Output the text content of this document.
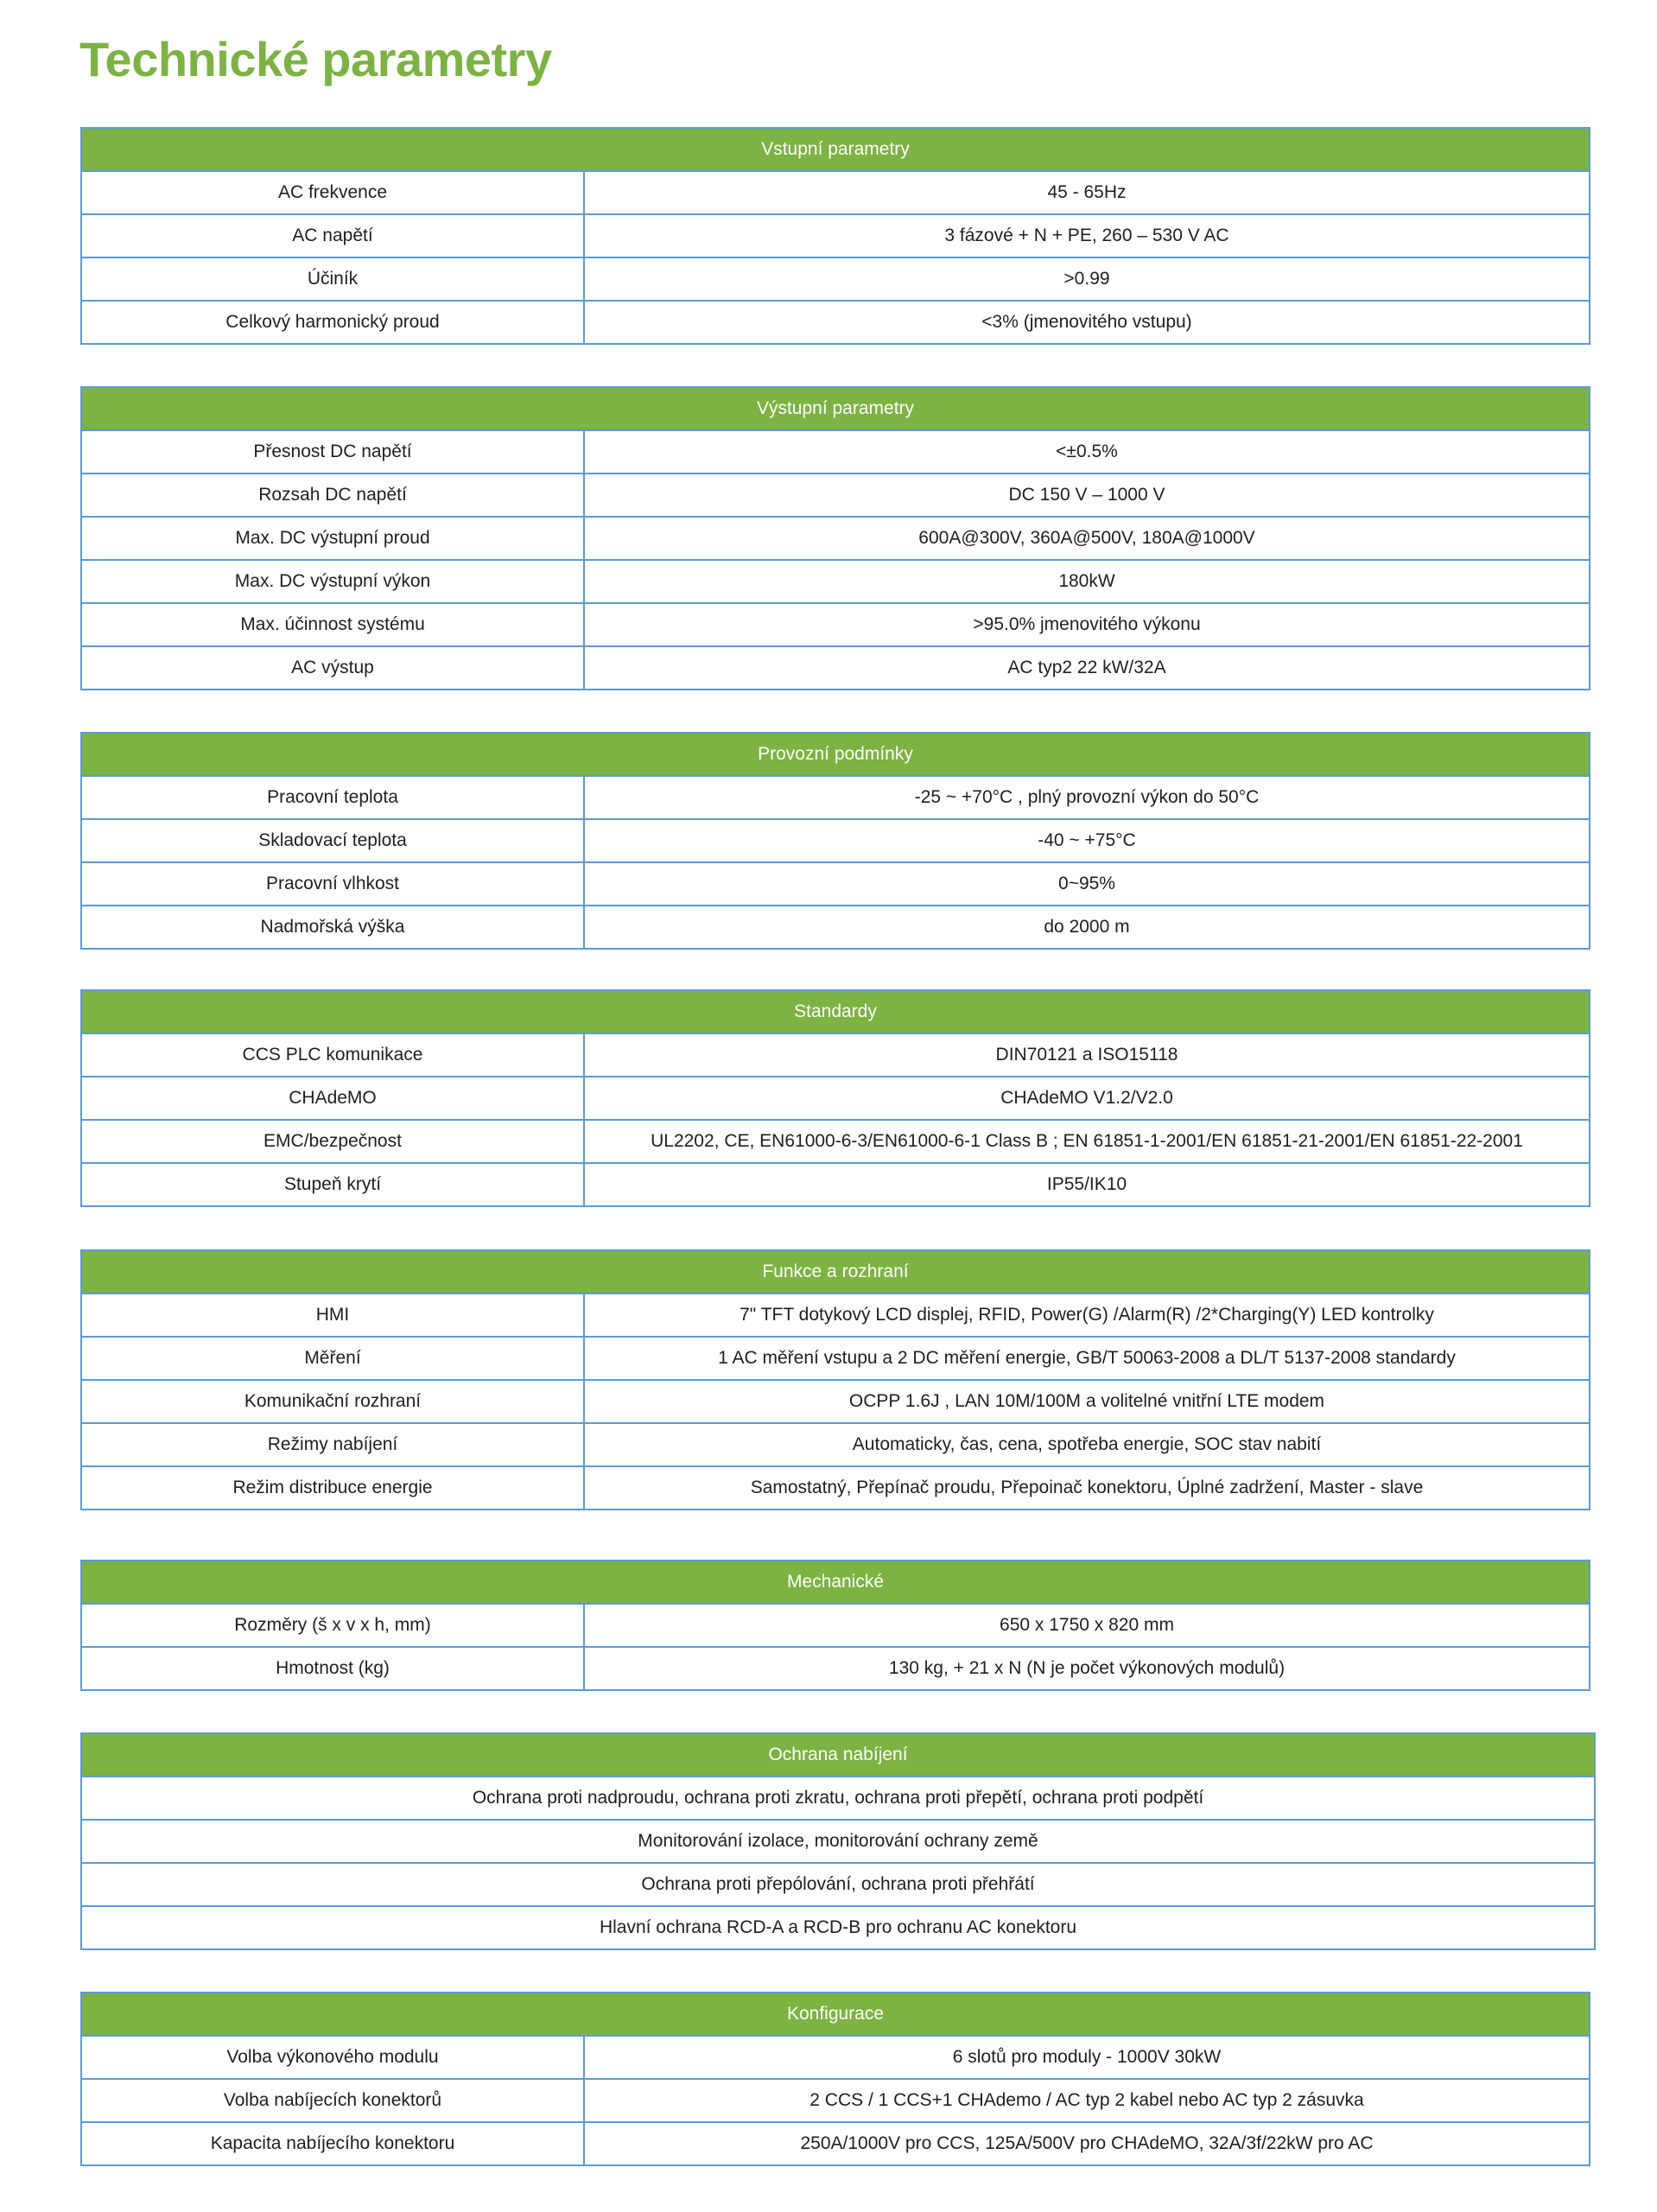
Technické parametry
Vstupní parametry
AC frekvence	45 - 65Hz
AC napětí	3 fázové + N + PE, 260 – 530 V AC
Účiník	>0.99
Celkový harmonický proud	<3% (jmenovitého vstupu)
Výstupní parametry
Přesnost DC napětí	<±0.5%
Rozsah DC napětí	DC 150 V – 1000 V
Max. DC výstupní proud	600A@300V, 360A@500V, 180A@1000V
Max. DC výstupní výkon	180kW
Max. účinnost systému	>95.0% jmenovitého výkonu
AC výstup	AC typ2 22 kW/32A
Provozní podmínky
Pracovní teplota	-25 ~ +70°C , plný provozní výkon do 50°C
Skladovací teplota	-40 ~ +75°C
Pracovní vlhkost	0~95%
Nadmořská výška	do 2000 m
Standardy
CCS PLC komunikace	DIN70121 a ISO15118
CHAdeMO	CHAdeMO V1.2/V2.0
EMC/bezpečnost	UL2202, CE, EN61000-6-3/EN61000-6-1 Class B ; EN 61851-1-2001/EN 61851-21-2001/EN 61851-22-2001
Stupeň krytí	IP55/IK10
Funkce a rozhraní
HMI	7" TFT dotykový LCD displej, RFID, Power(G) /Alarm(R) /2*Charging(Y) LED kontrolky
Měření	1 AC měření vstupu a 2 DC měření energie, GB/T 50063-2008 a DL/T 5137-2008 standardy
Komunikační rozhraní	OCPP 1.6J , LAN 10M/100M a volitelné vnitřní LTE modem
Režimy nabíjení	Automaticky, čas, cena, spotřeba energie, SOC stav nabití
Režim distribuce energie	Samostatný, Přepínač proudu, Přepoinač konektoru, Úplné zadržení, Master - slave
Mechanické
Rozměry (š x v x h, mm)	650 x 1750 x 820 mm
Hmotnost (kg)	130 kg, + 21 x N (N je počet výkonových modulů)
Ochrana nabíjení
Ochrana proti nadproudu, ochrana proti zkratu, ochrana proti přepětí, ochrana proti podpětí
Monitorování izolace, monitorování ochrany země
Ochrana proti přepólování, ochrana proti přehřátí
Hlavní ochrana RCD-A a RCD-B pro ochranu AC konektoru
Konfigurace
Volba výkonového modulu	6 slotů pro moduly - 1000V 30kW
Volba nabíjecích konektorů	2 CCS / 1 CCS+1 CHAdemo / AC typ 2 kabel nebo AC typ 2 zásuvka
Kapacita nabíjecího konektoru	250A/1000V pro CCS, 125A/500V pro CHAdeMO, 32A/3f/22kW pro AC
